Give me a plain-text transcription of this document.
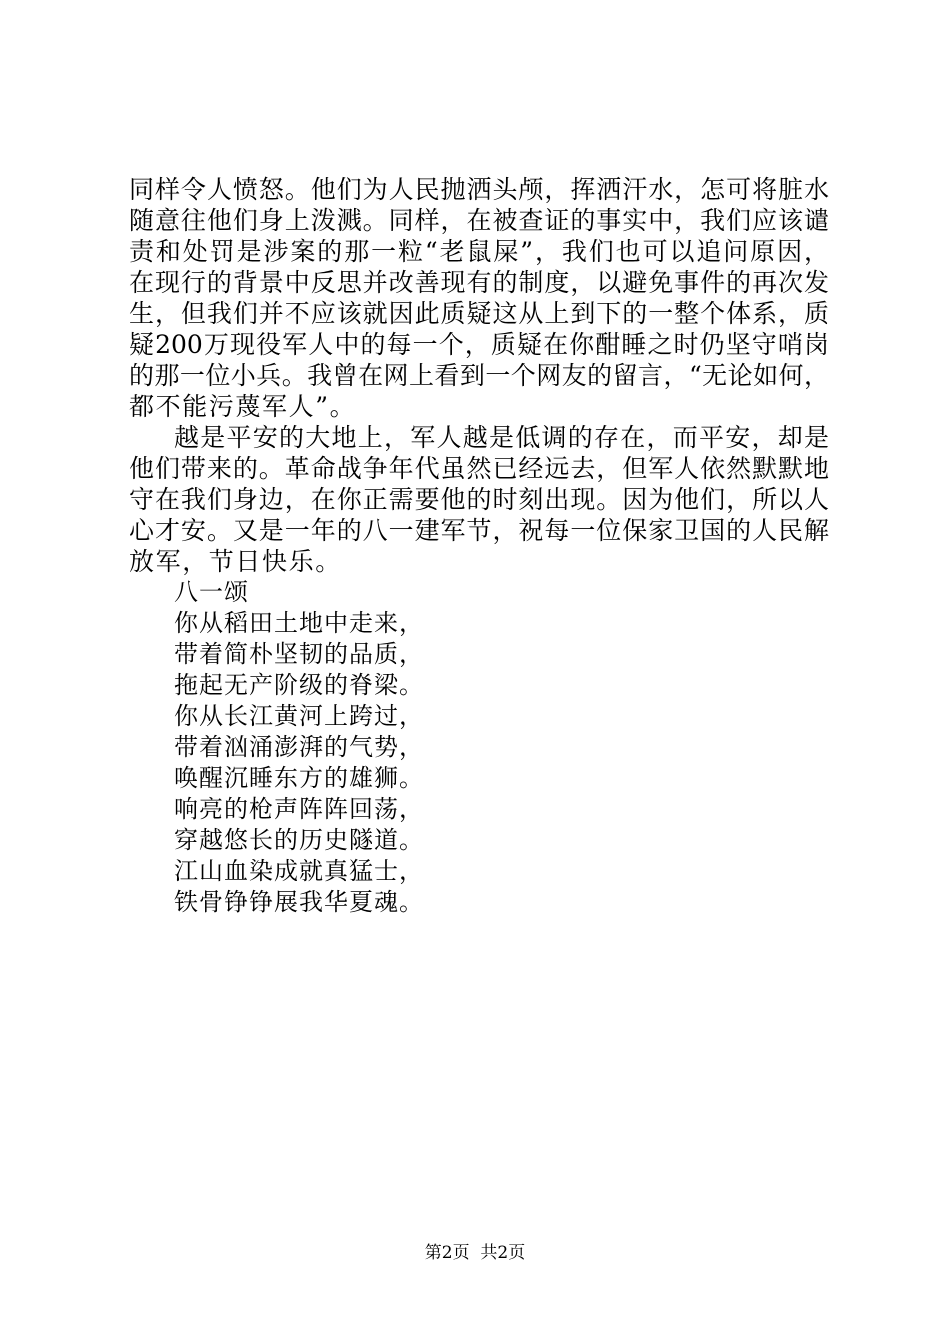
同样令人愤怒。他们为人民抛洒头颅，挥洒汗水，怎可将脏水
随意往他们身上泼溅。同样，在被查证的事实中，我们应该谴
责和处罚是涉案的那一粒“老鼠屎”，我们也可以追问原因，
在现行的背景中反思并改善现有的制度，以避免事件的再次发
生，但我们并不应该就因此质疑这从上到下的一整个体系，质
疑200万现役军人中的每一个，质疑在你酣睡之时仍坚守哨岗
的那一位小兵。我曾在网上看到一个网友的留言，“无论如何，
都不能污蔑军人”。
越是平安的大地上，军人越是低调的存在，而平安，却是
他们带来的。革命战争年代虽然已经远去，但军人依然默默地
守在我们身边，在你正需要他的时刻出现。因为他们，所以人
心才安。又是一年的八一建军节，祝每一位保家卫国的人民解
放军，节日快乐。
八一颂
你从稻田土地中走来，
带着简朴坚韧的品质，
拖起无产阶级的脊梁。
你从长江黄河上跨过，
带着汹涌澎湃的气势，
唤醒沉睡东方的雄狮。
响亮的枪声阵阵回荡，
穿越悠长的历史隧道。
江山血染成就真猛士，
铁骨铮铮展我华夏魂。
第2页  共2页
